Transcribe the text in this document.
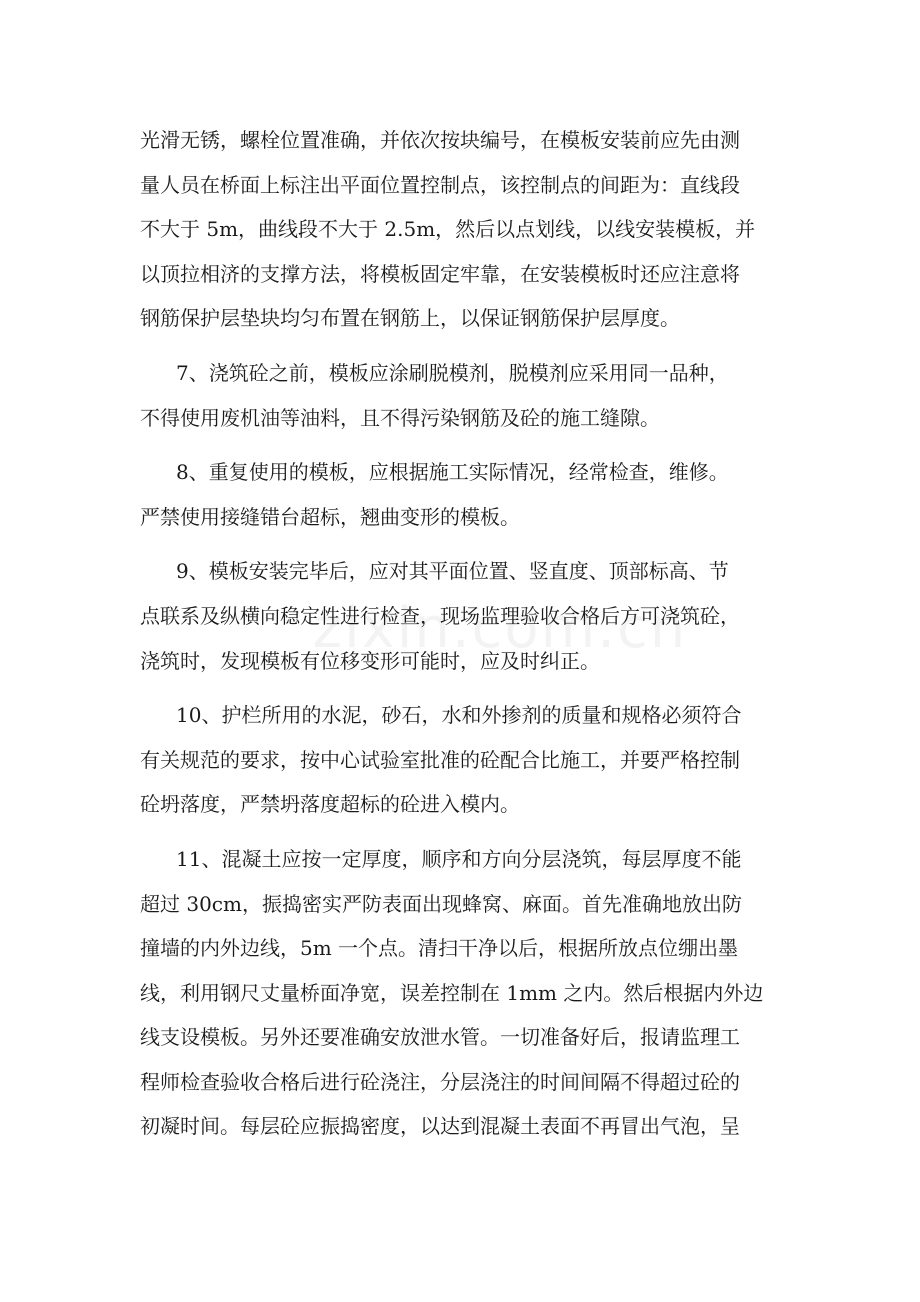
光滑无锈，螺栓位置准确，并依次按块编号，在模板安装前应先由测
量人员在桥面上标注出平面位置控制点，该控制点的间距为：直线段
不大于 5m，曲线段不大于 2.5m，然后以点划线，以线安装模板，并
以顶拉相济的支撑方法，将模板固定牢靠，在安装模板时还应注意将
钢筋保护层垫块均匀布置在钢筋上，以保证钢筋保护层厚度。
7、浇筑砼之前，模板应涂刷脱模剂，脱模剂应采用同一品种，
不得使用废机油等油料，且不得污染钢筋及砼的施工缝隙。
8、重复使用的模板，应根据施工实际情况，经常检查，维修。
严禁使用接缝错台超标，翘曲变形的模板。
9、模板安装完毕后，应对其平面位置、竖直度、顶部标高、节
点联系及纵横向稳定性进行检查，现场监理验收合格后方可浇筑砼，
浇筑时，发现模板有位移变形可能时，应及时纠正。
10、护栏所用的水泥，砂石，水和外掺剂的质量和规格必须符合
有关规范的要求，按中心试验室批准的砼配合比施工，并要严格控制
砼坍落度，严禁坍落度超标的砼进入模内。
11、混凝土应按一定厚度，顺序和方向分层浇筑，每层厚度不能
超过 30cm，振捣密实严防表面出现蜂窝、麻面。首先准确地放出防
撞墙的内外边线，5m 一个点。清扫干净以后，根据所放点位绷出墨
线，利用钢尺丈量桥面净宽，误差控制在 1mm 之内。然后根据内外边
线支设模板。另外还要准确安放泄水管。一切准备好后，报请监理工
程师检查验收合格后进行砼浇注，分层浇注的时间间隔不得超过砼的
初凝时间。每层砼应振捣密度，以达到混凝土表面不再冒出气泡，呈
